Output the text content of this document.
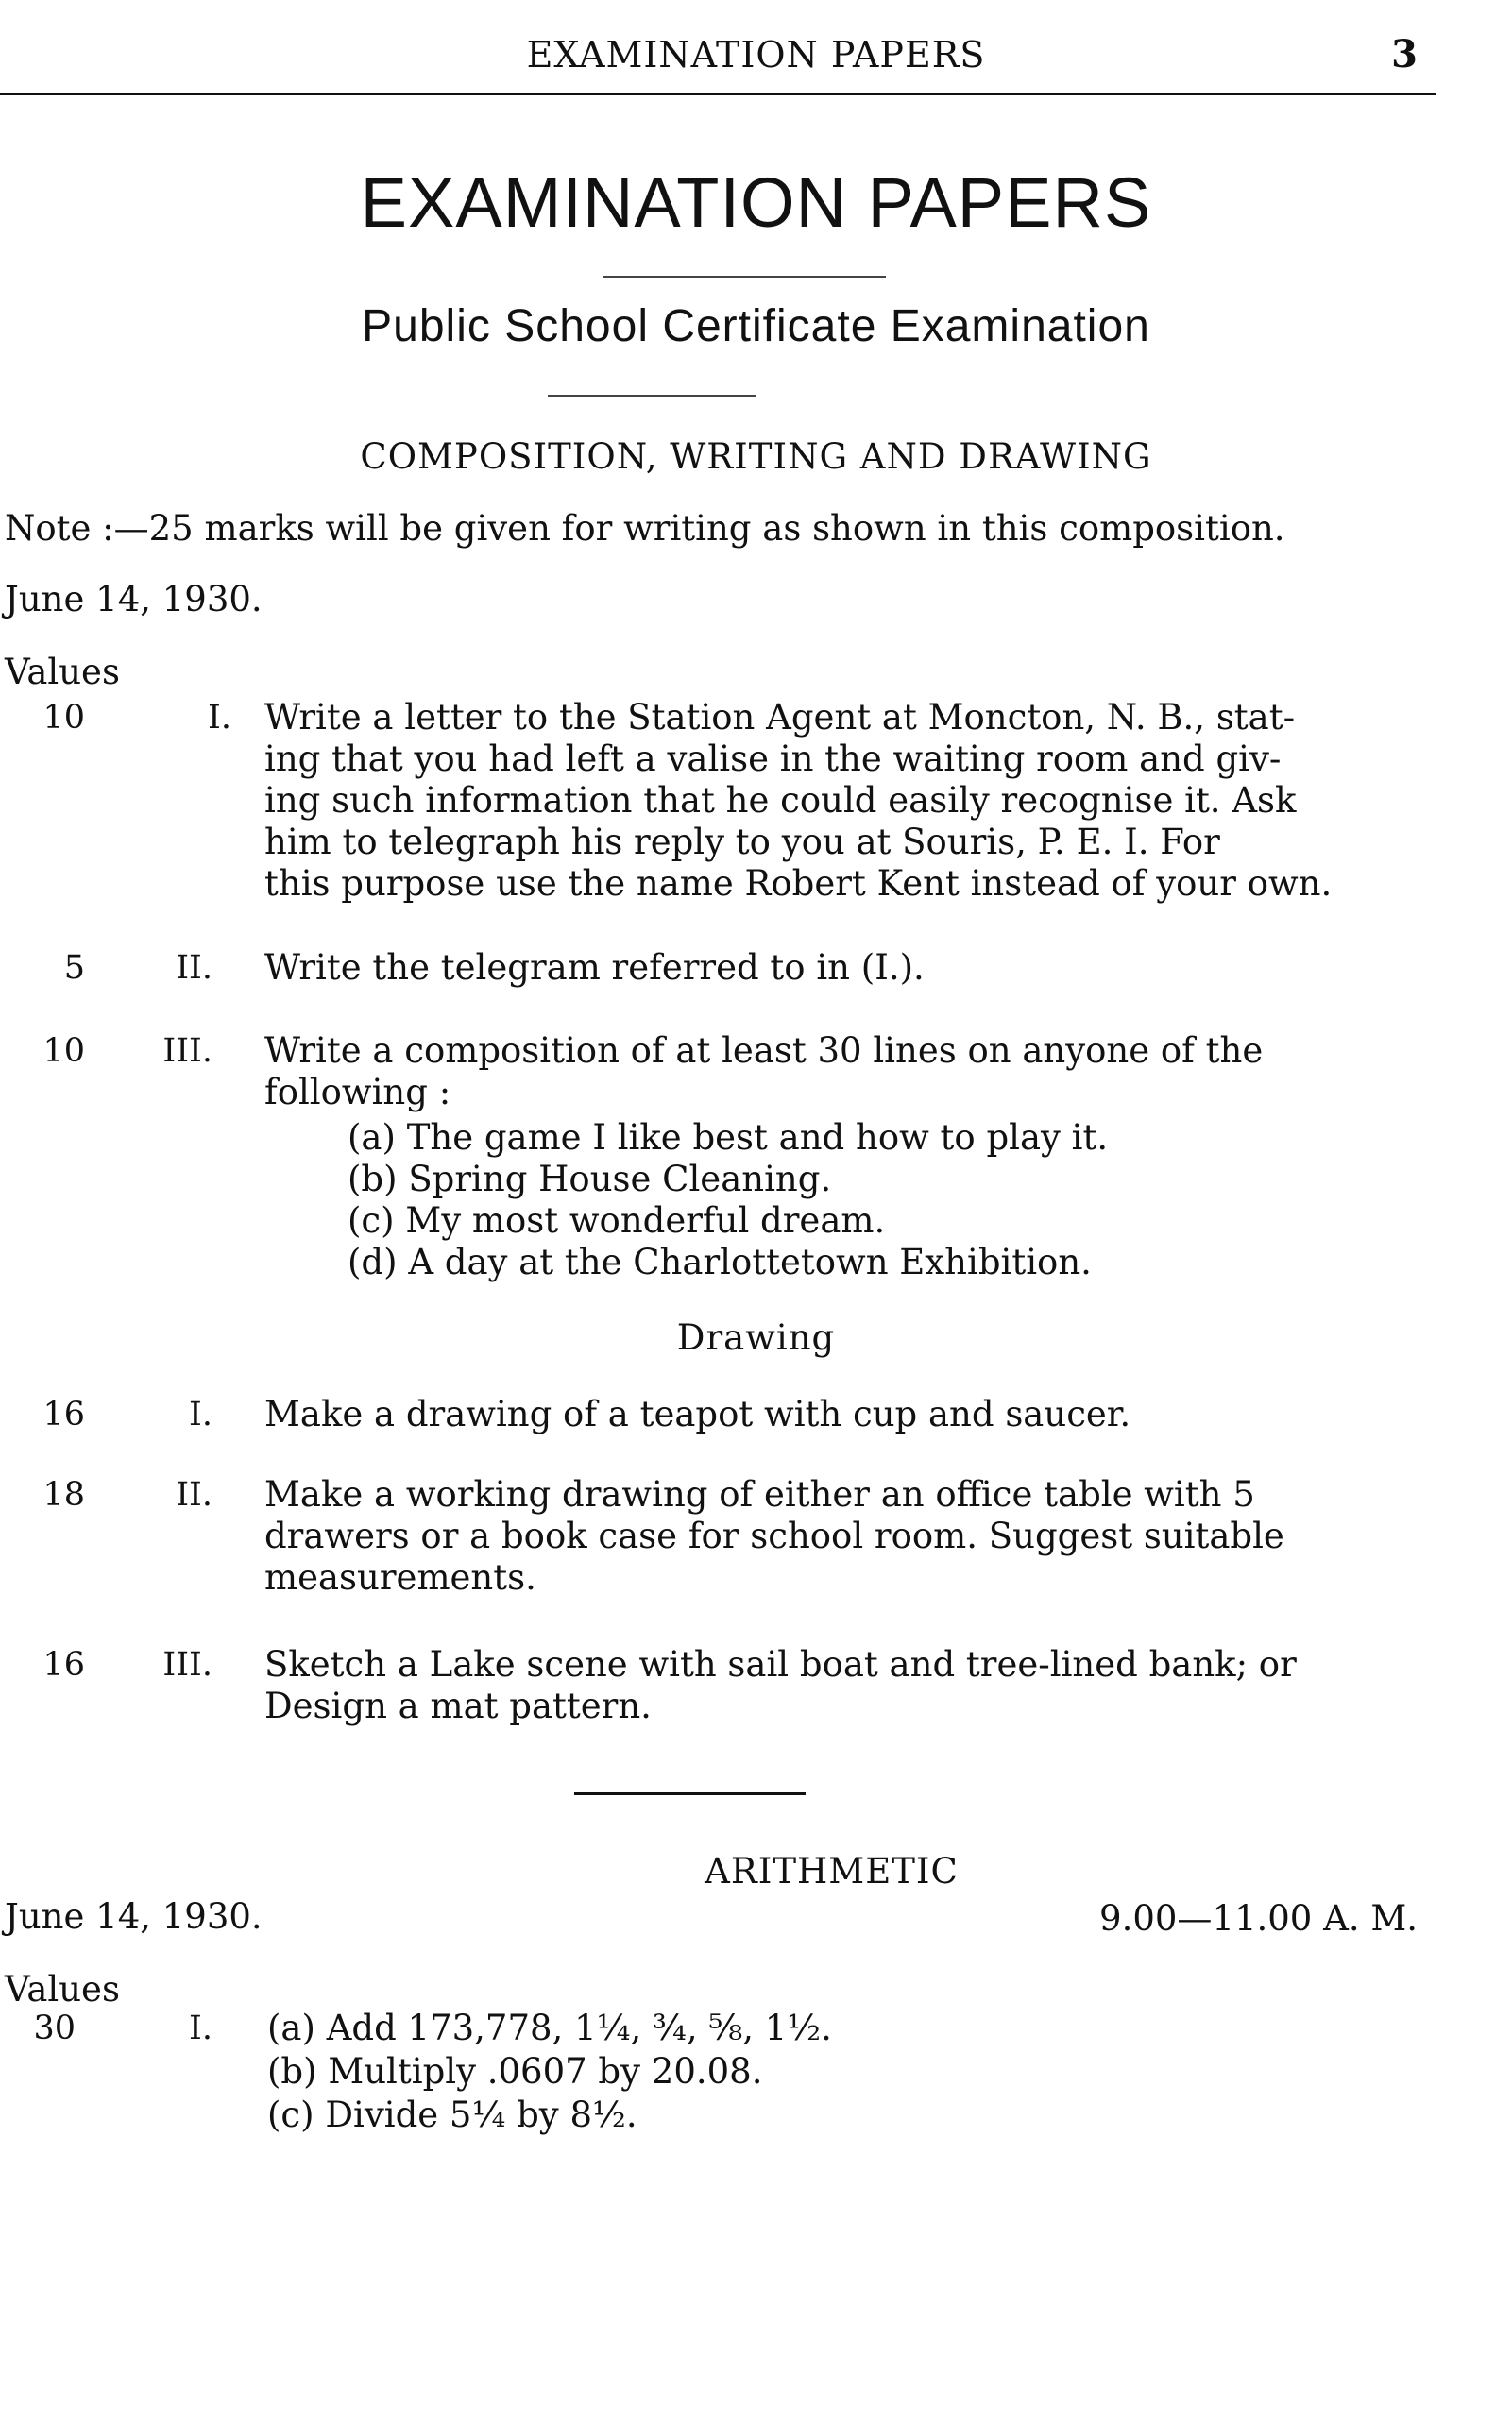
EXAMINATION PAPERS	3
EXAMINATION PAPERS
Public School Certificate Examination
COMPOSITION, WRITING AND DRAWING
Note :—25 marks will be given for writing as shown in this composition.
June 14, 1930.
Values
10	I. Write a letter to the Station Agent at Moncton, N. B., stat-
ing that you had left a valise in the waiting room and giv-
ing such information that he could easily recognise it. Ask
him to telegraph his reply to you at Souris, P. E. I. For
this purpose use the name Robert Kent instead of your own.
5	II. Write the telegram referred to in (I.).
10	III. Write a composition of at least 30 lines on anyone of the
following :
(a) The game I like best and how to play it.
(b) Spring House Cleaning.
(c) My most wonderful dream.
(d) A day at the Charlottetown Exhibition.
Drawing
16	I. Make a drawing of a teapot with cup and saucer.
18	II. Make a working drawing of either an office table with 5
drawers or a book case for school room. Suggest suitable
measurements.
16	III. Sketch a Lake scene with sail boat and tree-lined bank; or
Design a mat pattern.
ARITHMETIC
June 14, 1930.	9.00—11.00 A. M.
Values
30	I. (a) Add 173,778, 1¼, ¾, ⅝, 1½.
(b) Multiply .0607 by 20.08.
(c) Divide 5¼ by 8½.
